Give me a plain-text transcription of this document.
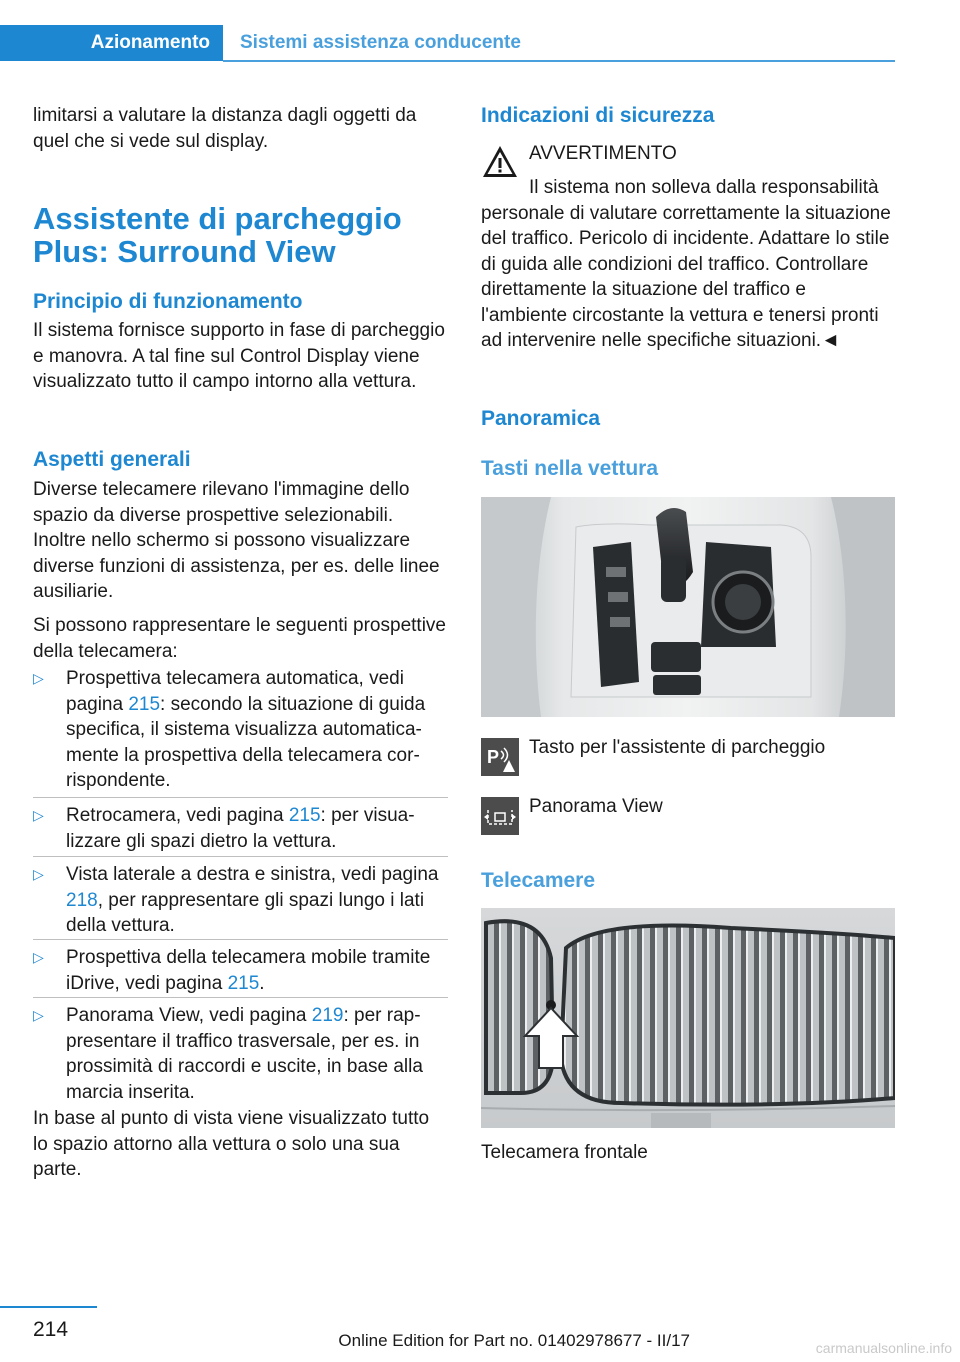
Azionamento	Sistemi assistenza conducente
limitarsi a valutare la distanza dagli oggetti da quel che si vede sul display.
Assistente di parcheggio Plus: Surround View
Principio di funzionamento
Il sistema fornisce supporto in fase di parcheggio e manovra. A tal fine sul Control Display viene visualizzato tutto il campo intorno alla vettura.
Aspetti generali
Diverse telecamere rilevano l'immagine dello spazio da diverse prospettive selezionabili. Inoltre nello schermo si possono visualizzare diverse funzioni di assistenza, per es. delle linee ausiliarie.
Si possono rappresentare le seguenti prospettive della telecamera:
▷	Prospettiva telecamera automatica, vedi pagina 215: secondo la situazione di guida specifica, il sistema visualizza automaticamente la prospettiva della telecamera corrispondente.
▷	Retrocamera, vedi pagina 215: per visualizzare gli spazi dietro la vettura.
▷	Vista laterale a destra e sinistra, vedi pagina 218, per rappresentare gli spazi lungo i lati della vettura.
▷	Prospettiva della telecamera mobile tramite iDrive, vedi pagina 215.
▷	Panorama View, vedi pagina 219: per rappresentare il traffico trasversale, per es. in prossimità di raccordi e uscite, in base alla marcia inserita.
In base al punto di vista viene visualizzato tutto lo spazio attorno alla vettura o solo una sua parte.
Indicazioni di sicurezza
AVVERTIMENTO
Il sistema non solleva dalla responsabilità personale di valutare correttamente la situazione del traffico. Pericolo di incidente. Adattare lo stile di guida alle condizioni del traffico. Controllare direttamente la situazione del traffico e l'ambiente circostante la vettura e tenersi pronti ad intervenire nelle specifiche situazioni.◄
Panoramica
Tasti nella vettura
P Tasto per l'assistente di parcheggio
Panorama View
Telecamere
Telecamera frontale
214	Online Edition for Part no. 01402978677 - II/17	carmanualsonline.info
